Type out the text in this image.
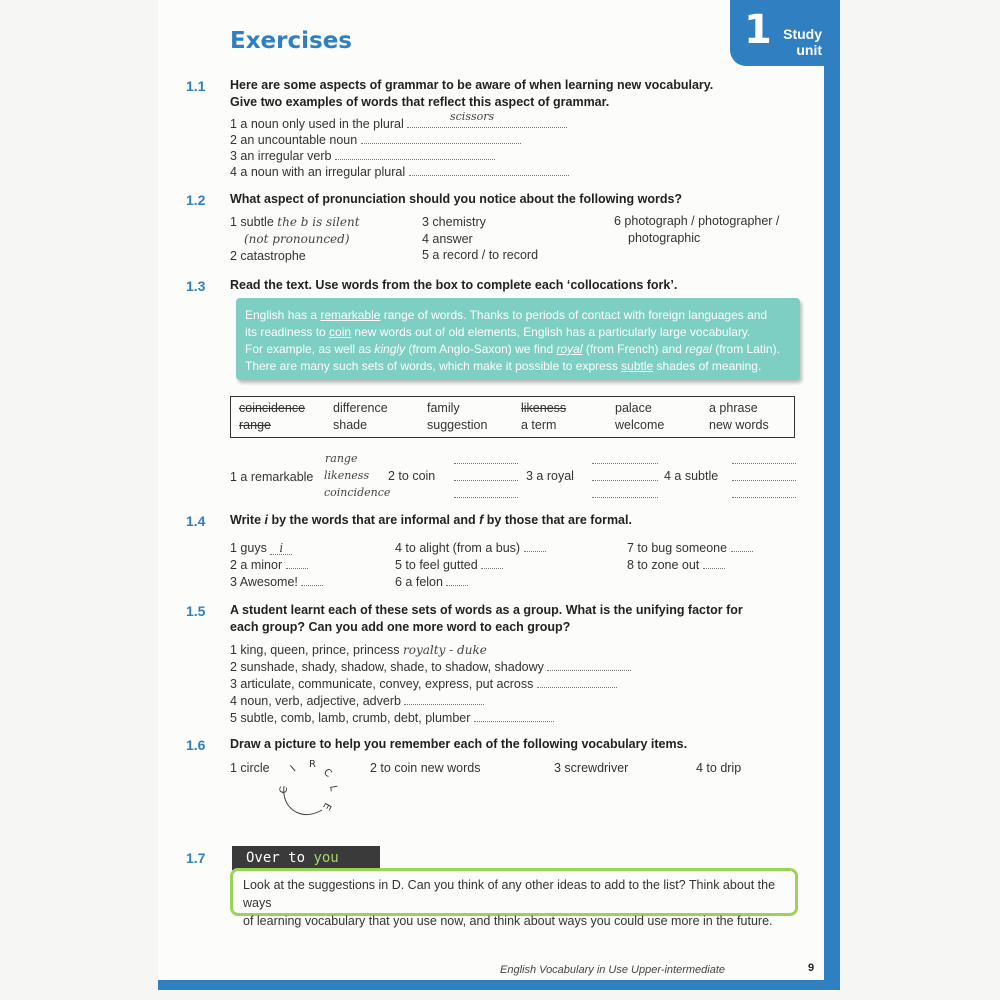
1 Study
unit
Exercises
1.1 Here are some aspects of grammar to be aware of when learning new vocabulary.
Give two examples of words that reflect this aspect of grammar.
1 a noun only used in the plural
scissors
2 an uncountable noun
3 an irregular verb
4 a noun with an irregular plural
1.2 What aspect of pronunciation should you notice about the following words?
1 subtle the b is silent
(not pronounced)
2 catastrophe
3 chemistry
4 answer
5 a record / to record
6 photograph / photographer /
photographic
1.3 Read the text. Use words from the box to complete each ‘collocations fork’.
English has a remarkable range of words. Thanks to periods of contact with foreign languages and
its readiness to coin new words out of old elements, English has a particularly large vocabulary.
For example, as well as kingly (from Anglo-Saxon) we find royal (from French) and regal (from Latin).
There are many such sets of words, which make it possible to express subtle shades of meaning.
coincidence difference	family	likeness	palace	a phrase
range	shade	suggestion	a term	welcome	new words
1 a remarkable
range
likeness
coincidence
2 to coin	3 a royal	4 a subtle
1.4 Write i by the words that are informal and f by those that are formal.
1 guys i
2 a minor
3 Awesome!
4 to alight (from a bus)
5 to feel gutted
6 a felon
7 to bug someone
8 to zone out
1.5 A student learnt each of these sets of words as a group. What is the unifying factor for
each group? Can you add one more word to each group?
1 king, queen, prince, princess royalty - duke
2 sunshade, shady, shadow, shade, to shadow, shadowy
3 articulate, communicate, convey, express, put across
4 noun, verb, adjective, adverb
5 subtle, comb, lamb, crumb, debt, plumber
1.6 Draw a picture to help you remember each of the following vocabulary items.
1 circle
C
I R
C
L
E
2 to coin new words	3 screwdriver	4 to drip
1.7	Over to you
Look at the suggestions in D. Can you think of any other ideas to add to the list? Think about the ways
of learning vocabulary that you use now, and think about ways you could use more in the future.
English Vocabulary in Use Upper-intermediate	9
